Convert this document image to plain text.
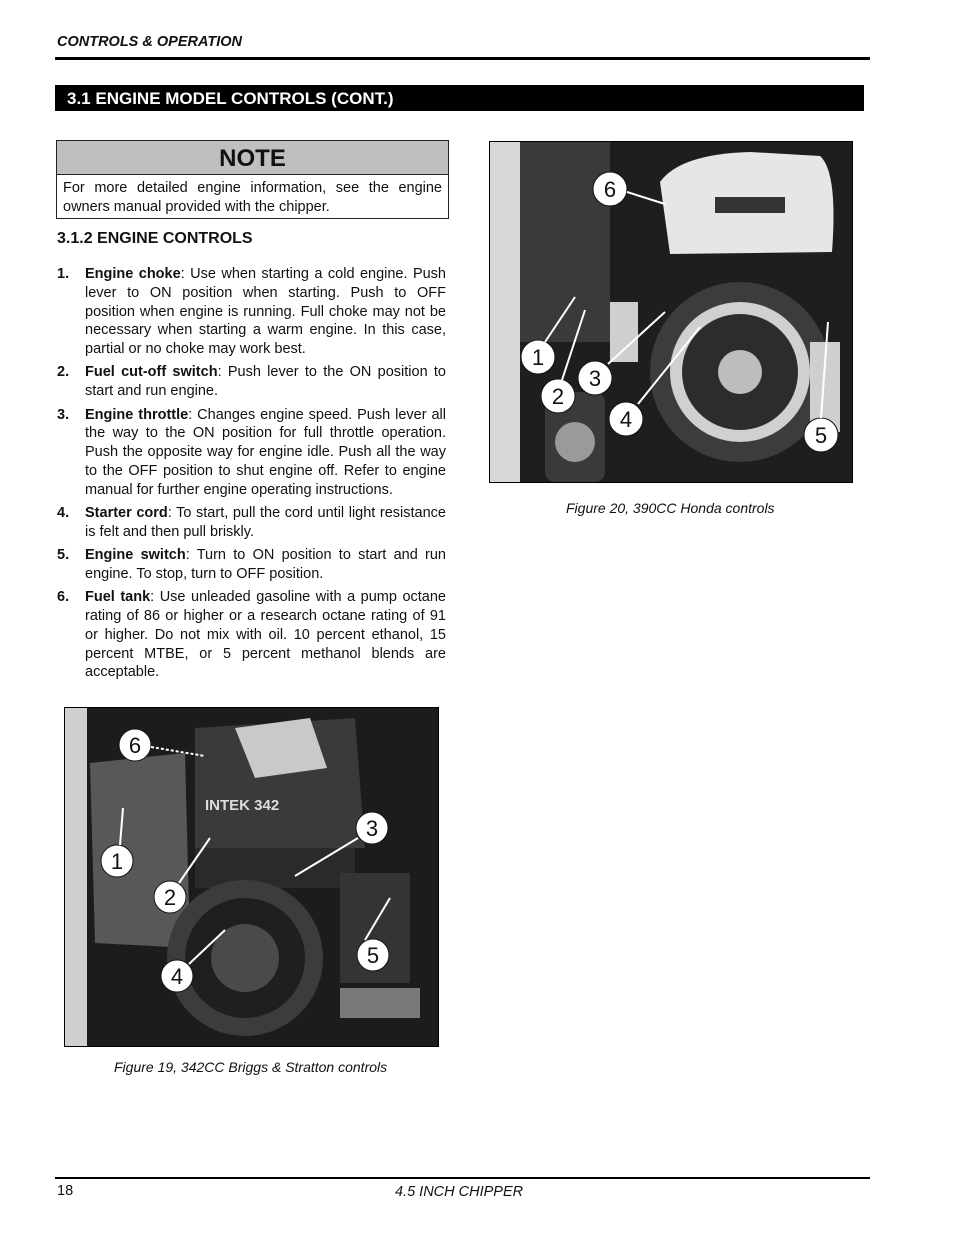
CONTROLS & OPERATION
3.1 ENGINE MODEL CONTROLS (CONT.)
NOTE
For more detailed engine information, see the engine owners manual provided with the chipper.
3.1.2 ENGINE CONTROLS
1. Engine choke: Use when starting a cold engine. Push lever to ON position when starting. Push to OFF position when engine is running. Full choke may not be necessary when starting a warm engine. In this case, partial or no choke may work best.
2. Fuel cut-off switch: Push lever to the ON position to start and run engine.
3. Engine throttle: Changes engine speed. Push lever all the way to the ON position for full throttle operation. Push the opposite way for engine idle. Push all the way to the OFF position to shut engine off. Refer to engine manual for further engine operating instructions.
4. Starter cord: To start, pull the cord until light resistance is felt and then pull briskly.
5. Engine switch: Turn to ON position to start and run engine. To stop, turn to OFF position.
6. Fuel tank: Use unleaded gasoline with a pump octane rating of 86 or higher or a research octane rating of 91 or higher. Do not mix with oil. 10 percent ethanol, 15 percent MTBE, or 5 percent methanol blends are acceptable.
6
1
2
3
4
5
Figure 20, 390CC Honda controls
INTEK 342
6
1
2
3
4
5
Figure 19, 342CC Briggs & Stratton controls
18	4.5 INCH CHIPPER
